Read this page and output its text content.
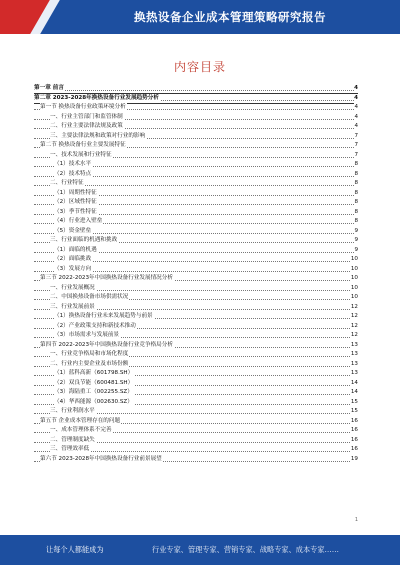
换热设备企业成本管理策略研究报告
内容目录
第一章 前言	4
第二章 2023-2028年换热设备行业发展趋势分析	4
第一节 换热设备行业政策环境分析	4
一、行业主管部门和监管体制	4
二、行业主要法律法规及政策	4
三、主要法律法规和政策对行业的影响	7
第二节 换热设备行业主要发展特征	7
一、技术发展和行业特征	7
（1）技术水平	8
（2）技术特点	8
二、行业特征	8
（1）周期性特征	8
（2）区域性特征	8
（3）季节性特征	8
（4）行业进入壁垒	8
（5）资金壁垒	9
三、行业面临的机遇和挑战	9
（1）面临的机遇	9
（2）面临挑战	10
（3）发展方向	10
第三节 2022-2023年中国换热设备行业发展情况分析	10
一、行业发展概况	10
二、中国换热设备市场供需状况	10
三、行业发展前景	12
（1）换热设备行业未来发展趋势与前景	12
（2）产业政策支持和新技术推动	12
（3）市场需求与发展前景	12
第四节 2022-2023年中国换热设备行业竞争格局分析	13
一、行业竞争格局和市场化程度	13
二、行业内主要企业及市场份额	13
（1）蓝科高新（601798.SH）	13
（2）双良节能（600481.SH）	14
（3）海陆重工（002255.SZ）	14
（4）华西能源（002630.SZ）	15
三、行业利润水平	15
第五节 企业成本管理存在的问题	16
一、成本管理体系不完善	16
二、管理制度缺失	16
三、管理效率低	16
第六节 2023-2028年中国换热设备行业前景展望	19
1
让每个人都能成为	行业专家、管理专家、营销专家、战略专家、成本专家……
